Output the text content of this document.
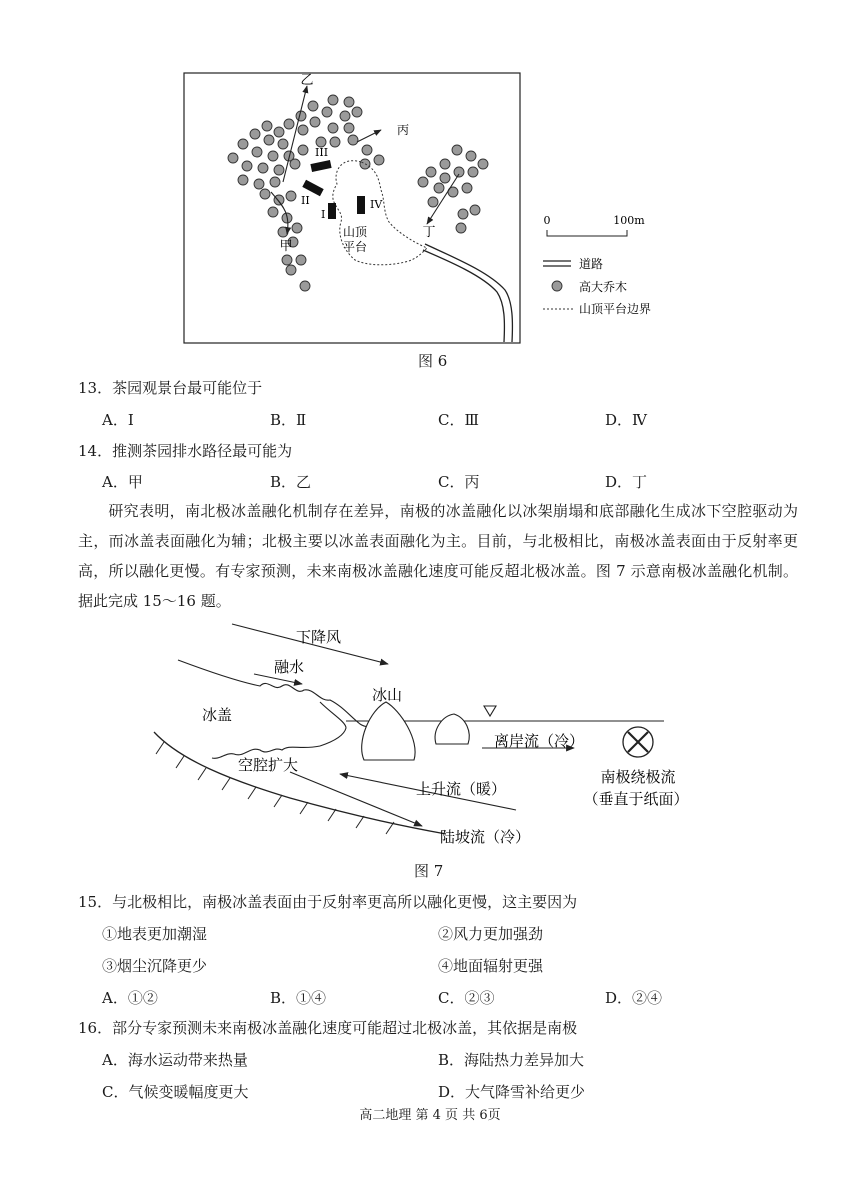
乙
丙
甲
丁
III
II
I
IV
山顶
平台
0	100m
道路
高大乔木
山顶平台边界
图 6
13．茶园观景台最可能位于
A．Ⅰ	B．Ⅱ	C．Ⅲ	D．Ⅳ
14．推测茶园排水路径最可能为
A．甲	B．乙	C．丙	D．丁
研究表明，南北极冰盖融化机制存在差异，南极的冰盖融化以冰架崩塌和底部融化生成冰下空腔驱动为主，而冰盖表面融化为辅；北极主要以冰盖表面融化为主。目前，与北极相比，南极冰盖表面由于反射率更高，所以融化更慢。有专家预测，未来南极冰盖融化速度可能反超北极冰盖。图 7 示意南极冰盖融化机制。据此完成 15～16 题。
下降风
融水
冰盖
冰山
空腔扩大
离岸流（冷）
上升流（暖）
陆坡流（冷）
南极绕极流
（垂直于纸面）
图 7
15．与北极相比，南极冰盖表面由于反射率更高所以融化更慢，这主要因为
①地表更加潮湿	②风力更加强劲
③烟尘沉降更少	④地面辐射更强
A．①②	B．①④	C．②③	D．②④
16．部分专家预测未来南极冰盖融化速度可能超过北极冰盖，其依据是南极
A．海水运动带来热量	B．海陆热力差异加大
C．气候变暖幅度更大	D．大气降雪补给更少
高二地理 第 4 页 共 6页
